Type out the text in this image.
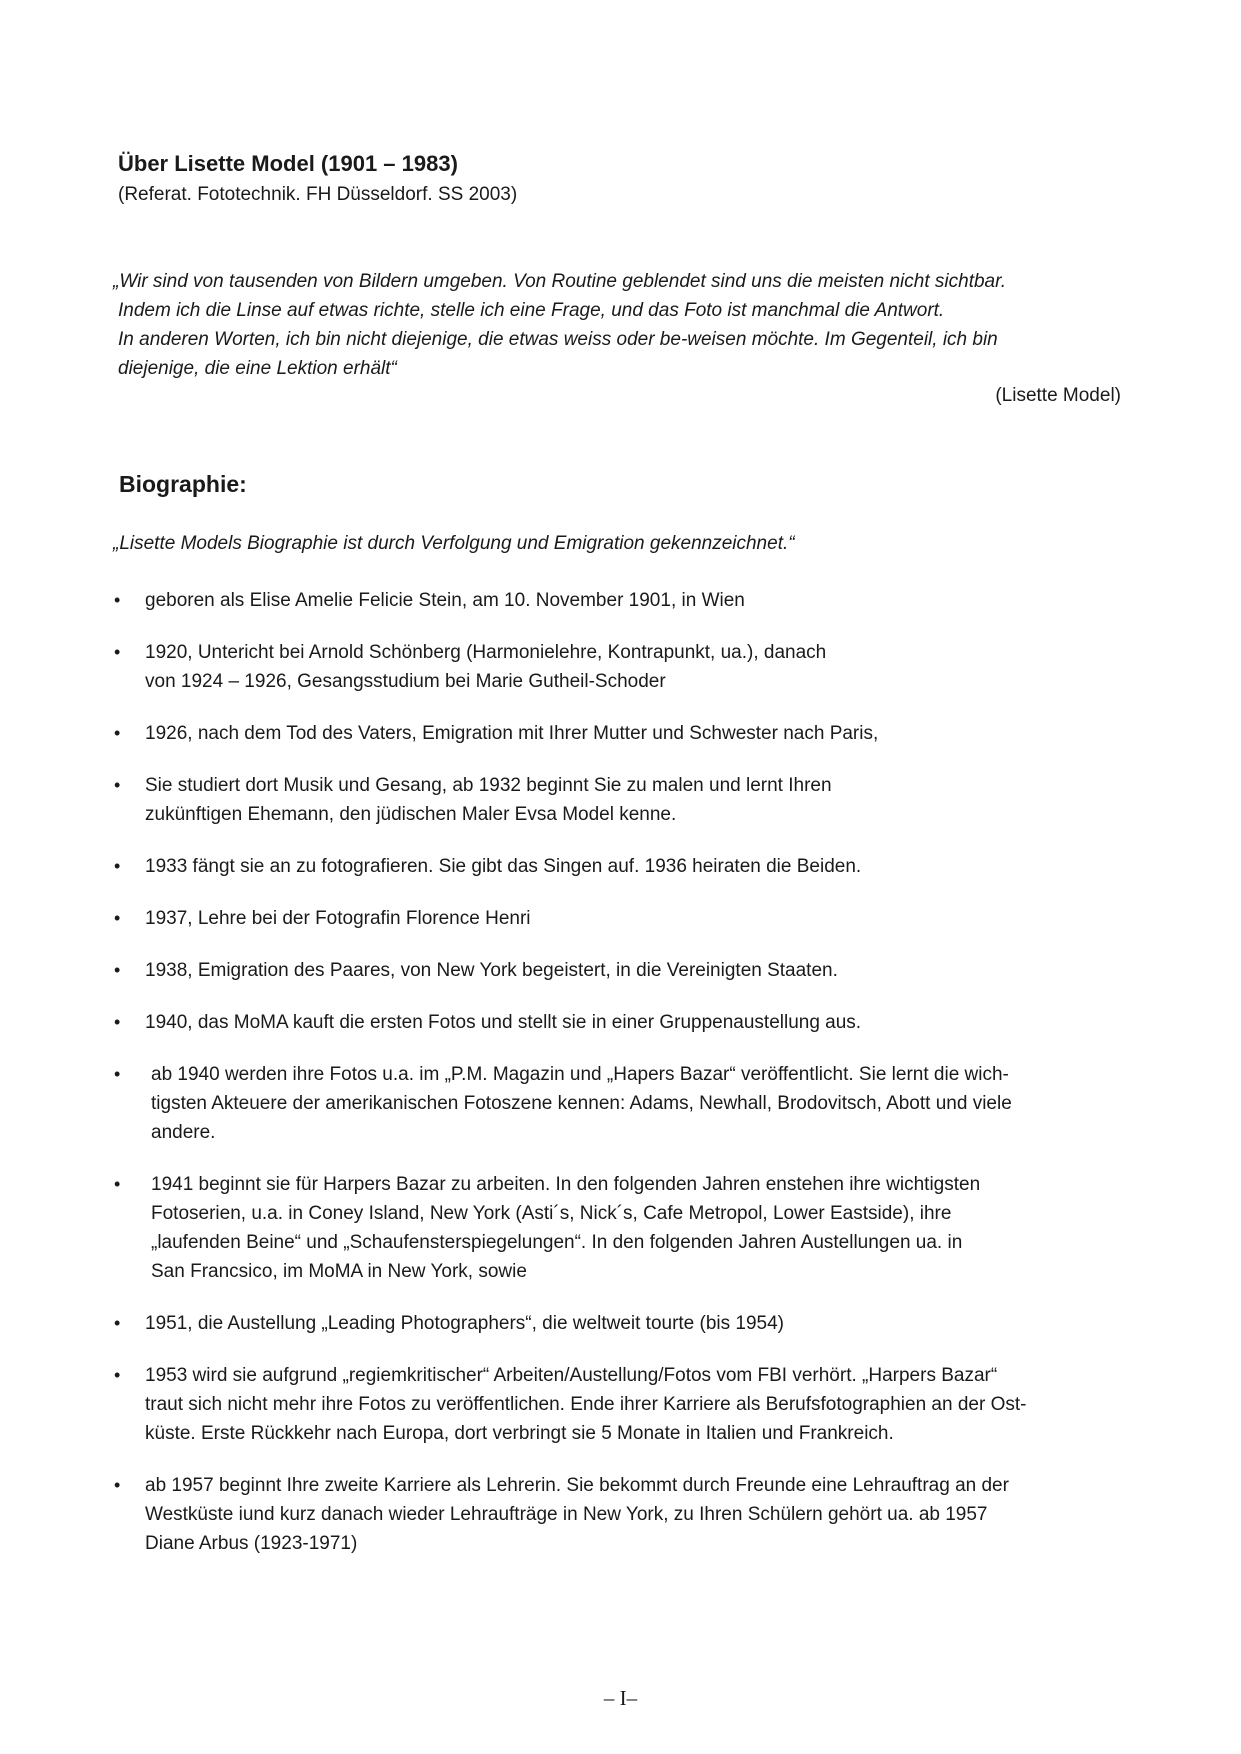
Über Lisette Model (1901 – 1983)
(Referat. Fototechnik. FH Düsseldorf. SS 2003)
„Wir sind von tausenden von Bildern umgeben. Von Routine geblendet sind uns die meisten nicht sichtbar.
Indem ich die Linse auf etwas richte, stelle ich eine Frage, und das Foto ist manchmal die Antwort.
In anderen Worten, ich bin nicht diejenige, die etwas weiss oder be-weisen möchte. Im Gegenteil, ich bin
diejenige, die eine Lektion erhält“
(Lisette Model)
Biographie:
„Lisette Models Biographie ist durch Verfolgung und Emigration gekennzeichnet.“
• geboren als Elise Amelie Felicie Stein, am 10. November 1901, in Wien
• 1920, Untericht bei Arnold Schönberg (Harmonielehre, Kontrapunkt, ua.), danach
von 1924 – 1926, Gesangsstudium bei Marie Gutheil-Schoder
• 1926, nach dem Tod des Vaters, Emigration mit Ihrer Mutter und Schwester nach Paris,
• Sie studiert dort Musik und Gesang, ab 1932 beginnt Sie zu malen und lernt Ihren
zukünftigen Ehemann, den jüdischen Maler Evsa Model kenne.
• 1933 fängt sie an zu fotografieren. Sie gibt das Singen auf. 1936 heiraten die Beiden.
• 1937, Lehre bei der Fotografin Florence Henri
• 1938, Emigration des Paares, von New York begeistert, in die Vereinigten Staaten.
• 1940, das MoMA kauft die ersten Fotos und stellt sie in einer Gruppenaustellung aus.
•	ab 1940 werden ihre Fotos u.a. im „P.M. Magazin und „Hapers Bazar“ veröffentlicht. Sie lernt die wich-
tigsten Akteuere der amerikanischen Fotoszene kennen: Adams, Newhall, Brodovitsch, Abott und viele
andere.
•	1941 beginnt sie für Harpers Bazar zu arbeiten. In den folgenden Jahren enstehen ihre wichtigsten
Fotoserien, u.a. in Coney Island, New York (Asti´s, Nick´s, Cafe Metropol, Lower Eastside), ihre
„laufenden Beine“ und „Schaufensterspiegelungen“. In den folgenden Jahren Austellungen ua. in
San Francsico, im MoMA in New York, sowie
• 1951, die Austellung „Leading Photographers“, die weltweit tourte (bis 1954)
• 1953 wird sie aufgrund „regiemkritischer“ Arbeiten/Austellung/Fotos vom FBI verhört. „Harpers Bazar“
traut sich nicht mehr ihre Fotos zu veröffentlichen. Ende ihrer Karriere als Berufsfotographien an der Ost-
küste. Erste Rückkehr nach Europa, dort verbringt sie 5 Monate in Italien und Frankreich.
• ab 1957 beginnt Ihre zweite Karriere als Lehrerin. Sie bekommt durch Freunde eine Lehrauftrag an der
Westküste iund kurz danach wieder Lehraufträge in New York, zu Ihren Schülern gehört ua. ab 1957
Diane Arbus (1923-1971)
– I–
